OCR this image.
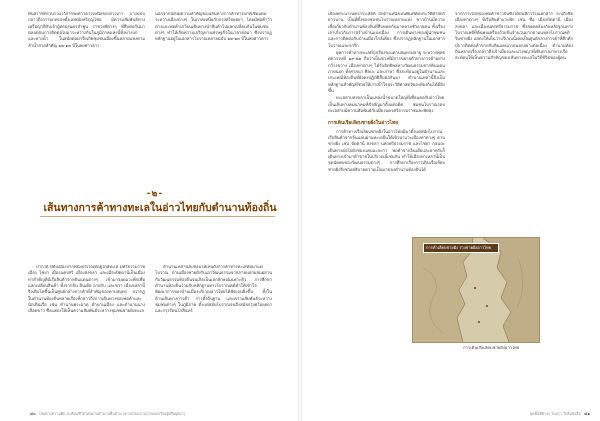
ทินสราชที่รวบรวมไว้จากพงศาวดารเหนือของกรุงเก่า บางฉบับกล่าวถึงการปกครองตั้งแต่สมัยหริภุญไชย มีความสัมพันธ์ทางเครือญาติกับเจ้าผู้ครองนครลำพูน ราชวงศ์ต่างๆ ที่สืบต่อกันมาตลอดจนการติดต่อไปมาระหว่างกันในภูมิภาคแห่งนี้ทั้งทางบกและทางน้ำ ในสมัยต่อมาจึงเกิดชุมชนเมืองขึ้นหลายแห่งตามลำน้ำสายสำคัญ ๑๒-๑๓ ปีในพงศาวดาร

นอกจากนี้ยังมีความสำคัญของเส้นทางการค้าทางบกที่เชื่อมต่อระหว่างเมืองต่างๆ ในภาคเหนือกับกรุงศรีอยุธยา โดยมีพ่อค้าวัวต่างและพ่อค้าเกวียนเดินทางนำสินค้าไปแลกเปลี่ยนกันในชุมชนต่างๆ ทำให้เกิดความเจริญทางเศรษฐกิจในเวลาต่อมา ซึ่งปรากฏหลักฐานอยู่ในเอกสารโบราณหลายฉบับ ๑๒-๑๓ ปีในพงศาวดาร

-๒-
เส้นทางการค้าทางทะเลในอ่าวไทยกับตำนานท้องถิ่น

ปากใต้ ที่ตั้งเมืองปากพนังบริเวณที่อยู่ใกล้ทะเล มีศรีธรรมราช เมือง ไชยา เมืองนครศรี เมืองสงขลา และเมืองปัตตานีเป็นเมืองท่าสำคัญที่มีเรือสินค้าจากดินแดนต่างๆ เข้ามาจอดแวะพักเพื่อแลกเปลี่ยนสินค้า ทั้งจากจีน อินเดีย อาหรับ และชวา เมืองเหล่านี้จึงเติบโตขึ้นเป็นศูนย์กลางการค้าที่สำคัญของคาบสมุทร ปรากฏในตำนานท้องถิ่นหลายเรื่องที่กล่าวถึงการเดินทางของพ่อค้าและนักเดินเรือ เช่น ตำนานพระธาตุ ตำนานเมือง และตำนานนางเลือดขาว ซึ่งแสดงให้เห็นความสัมพันธ์ระหว่างชุมชนชายฝั่งทะเล

ตำนานเหล่านี้สะท้อนให้เห็นถึงการค้าทางทะเลที่มีมาแต่โบราณ บ้านเมืองชายฝั่งรับเอาวัฒนธรรมจากภายนอกผสมผสานกับวัฒนธรรมท้องถิ่นจนเกิดเป็นเอกลักษณ์เฉพาะตัว การศึกษาตำนานท้องถิ่นร่วมกับหลักฐานทางโบราณคดีทำให้เข้าใจพัฒนาการของบ้านเมืองบริเวณอ่าวไทยได้ชัดเจนยิ่งขึ้น ทั้งในด้านเส้นทางการค้า การตั้งถิ่นฐาน และความสัมพันธ์ระหว่างชุมชนต่างๆ ในภูมิภาค ตั้งแต่สมัยโบราณจนถึงสมัยกรุงศรีอยุธยาและกรุงรัตนโกสินทร์

๔๐ เส้นทางความคิด สะท้อนชีวิตไทยผ่านตำนานพื้นบ้าน (ทางสายกลางจากนครเวียงสู่ศรีอยุธยา)

เมืองพระนางนครกระเสียดิ์ อีกด้านหนึ่งเป็นพื้นที่ที่มีประวัติศาสตร์ยาวนาน เป็นที่ตั้งของชุมชนโบราณหลายแห่ง ชาวบ้านมีความเชื่อเกี่ยวกับตำนานท้องถิ่นที่สืบทอดกันมาหลายชั่วอายุคน ทั้งเรื่องเล่าเกี่ยวกับการสร้างบ้านแปงเมือง การเดินทางของผู้นำชุมชน และการติดต่อกับบ้านเมืองใกล้เคียง ซึ่งปรากฏหลักฐานในเอกสารโบราณและจารึก

ยุคการค้าทางทะเลที่รุ่งเรืองของคาบสมุทรมลายู ระหว่างพุทธศตวรรษที่ ๑๙-๒๑ ถือว่าเป็นช่วงที่มีการขยายตัวทางการค้าอย่างกว้างขวาง เมืองท่าต่างๆ ได้รับอิทธิพลทางวัฒนธรรมจากดินแดนภายนอก ทั้งศาสนา ศิลปะ และภาษา ซึ่งสะท้อนอยู่ในตำนานและประเพณีท้องถิ่นที่ยังคงปฏิบัติสืบต่อกันมา ตำนานเหล่านี้จึงเป็นหลักฐานสำคัญที่ช่วยให้เราเข้าใจประวัติศาสตร์ของท้องถิ่นได้ดียิ่งขึ้น

ทะเลสาบสงขลาเป็นแหล่งน้ำขนาดใหญ่ที่เชื่อมต่อกับอ่าวไทย เป็นเส้นทางคมนาคมที่สำคัญมาตั้งแต่อดีต ชุมชนโบราณรอบทะเลสาบมีความสัมพันธ์กับเมืองนครศรีธรรมราชและพัทลุง

การเดินเรือเลียบชายฝั่งในอ่าวไทย

การค้าทางเรือเลียบชายฝั่งในอ่าวไทยมีมาตั้งแต่สมัยโบราณ เรือสินค้าจากจีนแล่นผ่านทะเลจีนใต้เข้ามาแวะเมืองท่าต่างๆ ตามชายฝั่ง เช่น ปัตตานี สงขลา นครศรีธรรมราช และไชยา ก่อนจะเดินทางต่อไปยังช่องแคบมะละกา พ่อค้าจากอินเดียและอาหรับก็เดินทางเข้ามาค้าขายในบริเวณนี้เช่นกัน ทำให้เมืองท่าเหล่านี้เป็นจุดนัดพบของวัฒนธรรมต่างๆ การศึกษาเรื่องการเดินเรือเลียบชายฝั่งจึงช่วยอธิบายความเป็นมาของตำนานท้องถิ่นได้

จากการเรียกของพ่อค้าชาวจีนซึ่งได้บันทึกไว้ในเอกสาร ระบุถึงชื่อเมืองท่าต่างๆ ที่เรือสินค้าแวะพัก เช่น ชื่อ เมืองปัตตานี เมืองสงขลา และเมืองนครศรีธรรมราช ซึ่งสอดคล้องกับหลักฐานทางโบราณคดีที่ค้นพบเครื่องถ้วยจีนจำนวนมากตามแหล่งโบราณคดีริมชายฝั่ง แสดงให้เห็นว่าบริเวณนี้เคยเป็นศูนย์กลางการค้าที่คึกคัก มีการติดต่อค้าขายกับดินแดนภายนอกอย่างต่อเนื่อง ตำนานท้องถิ่นหลายเรื่องกล่าวถึงเจ้าเมืองและนางพญาที่เดินทางมาทางเรือ สะท้อนให้เห็นความสำคัญของเส้นทางทะเลในวิถีชีวิตของผู้คน

การเดินเรือเลียบชายฝั่งอ่าวไทย

ยุคพื้นที่ต่างๆ ในอ่าว ใกล้หนังสือ ๔๑
การค้าเลียบชายฝั่ง ร่วงชายฝั่งอ่าวไทย
